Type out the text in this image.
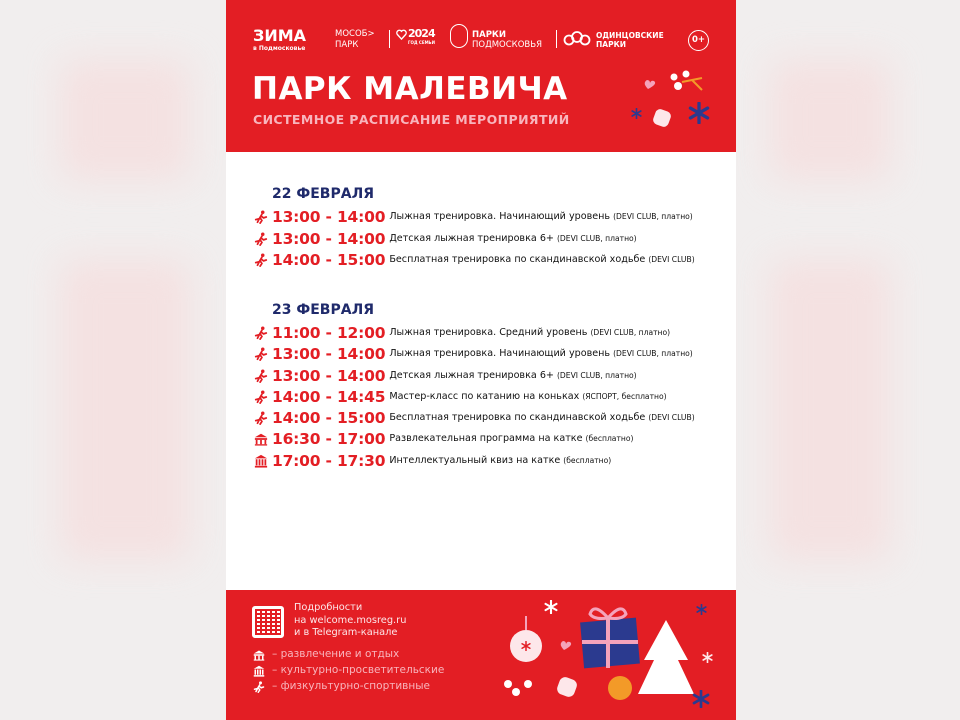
ЗИМА
в Подмосковье
МОСОБ> ПАРК
2024
ГОД СЕМЬИ
ПАРКИ
ПОДМОСКОВЬЯ
ОДИНЦОВСКИЕ
ПАРКИ	0+
ПАРК МАЛЕВИЧА
СИСТЕМНОЕ РАСПИСАНИЕ МЕРОПРИЯТИЙ
22 ФЕВРАЛЯ
13:00 - 14:00 Лыжная тренировка. Начинающий уровень (DEVI CLUB, платно)
13:00 - 14:00 Детская лыжная тренировка 6+ (DEVI CLUB, платно)
14:00 - 15:00 Бесплатная тренировка по скандинавской ходьбе (DEVI CLUB)
23 ФЕВРАЛЯ
11:00 - 12:00 Лыжная тренировка. Средний уровень (DEVI CLUB, платно)
13:00 - 14:00 Лыжная тренировка. Начинающий уровень (DEVI CLUB, платно)
13:00 - 14:00 Детская лыжная тренировка 6+ (DEVI CLUB, платно)
14:00 - 14:45 Мастер-класс по катанию на коньках (ЯСПОРТ, бесплатно)
14:00 - 15:00 Бесплатная тренировка по скандинавской ходьбе (DEVI CLUB)
16:30 - 17:00 Развлекательная программа на катке (бесплатно)
17:00 - 17:30 Интеллектуальный квиз на катке (бесплатно)
Подробности
на welcome.mosreg.ru
и в Telegram-канале
– развлечение и отдых
– культурно-просветительские
– физкультурно-спортивные
